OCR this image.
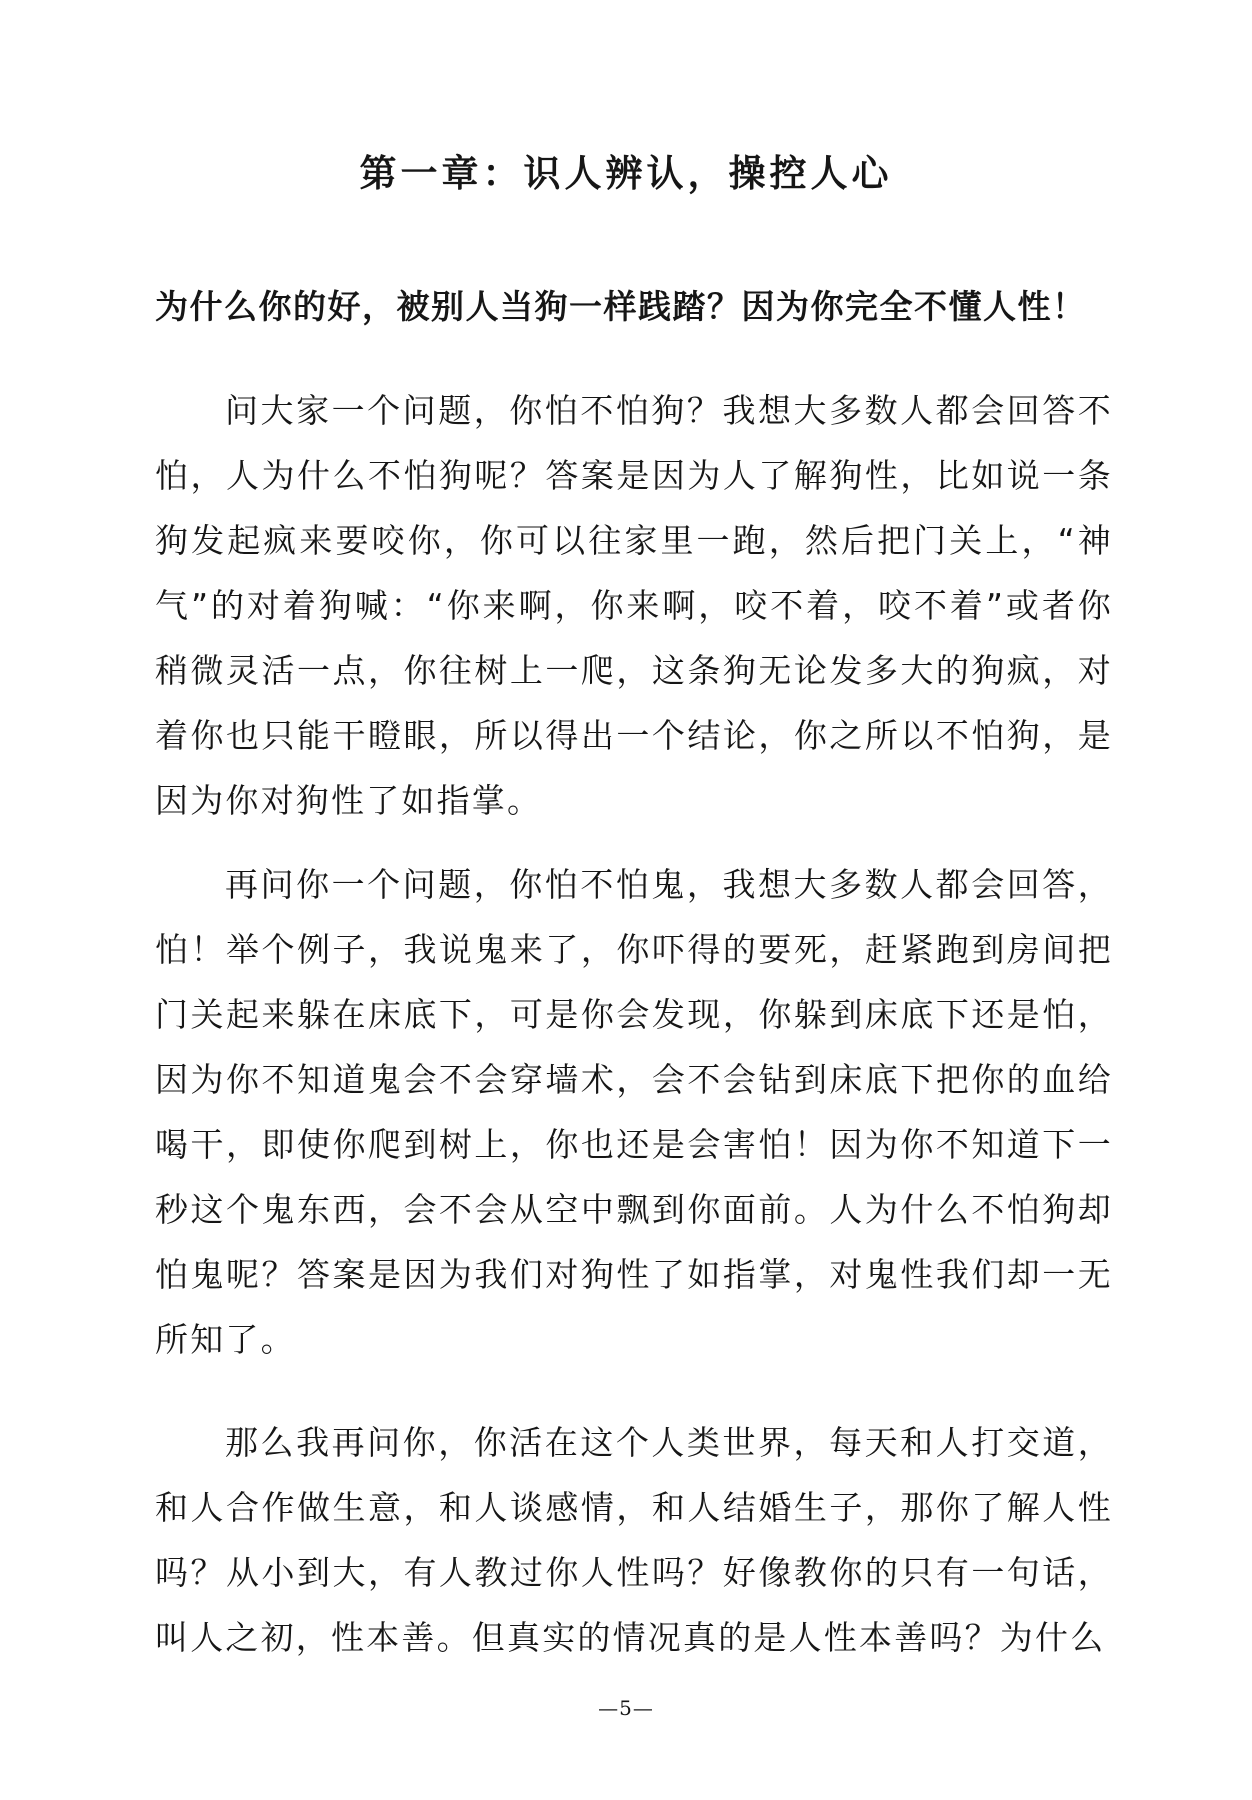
第一章：识人辨认，操控人心
为什么你的好，被别人当狗一样践踏？因为你完全不懂人性！

问大家一个问题，你怕不怕狗？我想大多数人都会回答不怕，人为什么不怕狗呢？答案是因为人了解狗性，比如说一条狗发起疯来要咬你，你可以往家里一跑，然后把门关上，“神气”的对着狗喊：“你来啊，你来啊，咬不着，咬不着”或者你稍微灵活一点，你往树上一爬，这条狗无论发多大的狗疯，对着你也只能干瞪眼，所以得出一个结论，你之所以不怕狗，是因为你对狗性了如指掌。

再问你一个问题，你怕不怕鬼，我想大多数人都会回答，怕！举个例子，我说鬼来了，你吓得的要死，赶紧跑到房间把门关起来躲在床底下，可是你会发现，你躲到床底下还是怕，因为你不知道鬼会不会穿墙术，会不会钻到床底下把你的血给喝干，即使你爬到树上，你也还是会害怕！因为你不知道下一秒这个鬼东西，会不会从空中飘到你面前。人为什么不怕狗却怕鬼呢？答案是因为我们对狗性了如指掌，对鬼性我们却一无所知了。

那么我再问你，你活在这个人类世界，每天和人打交道，和人合作做生意，和人谈感情，和人结婚生子，那你了解人性吗？从小到大，有人教过你人性吗？好像教你的只有一句话，叫人之初，性本善。但真实的情况真的是人性本善吗？为什么

—5—
